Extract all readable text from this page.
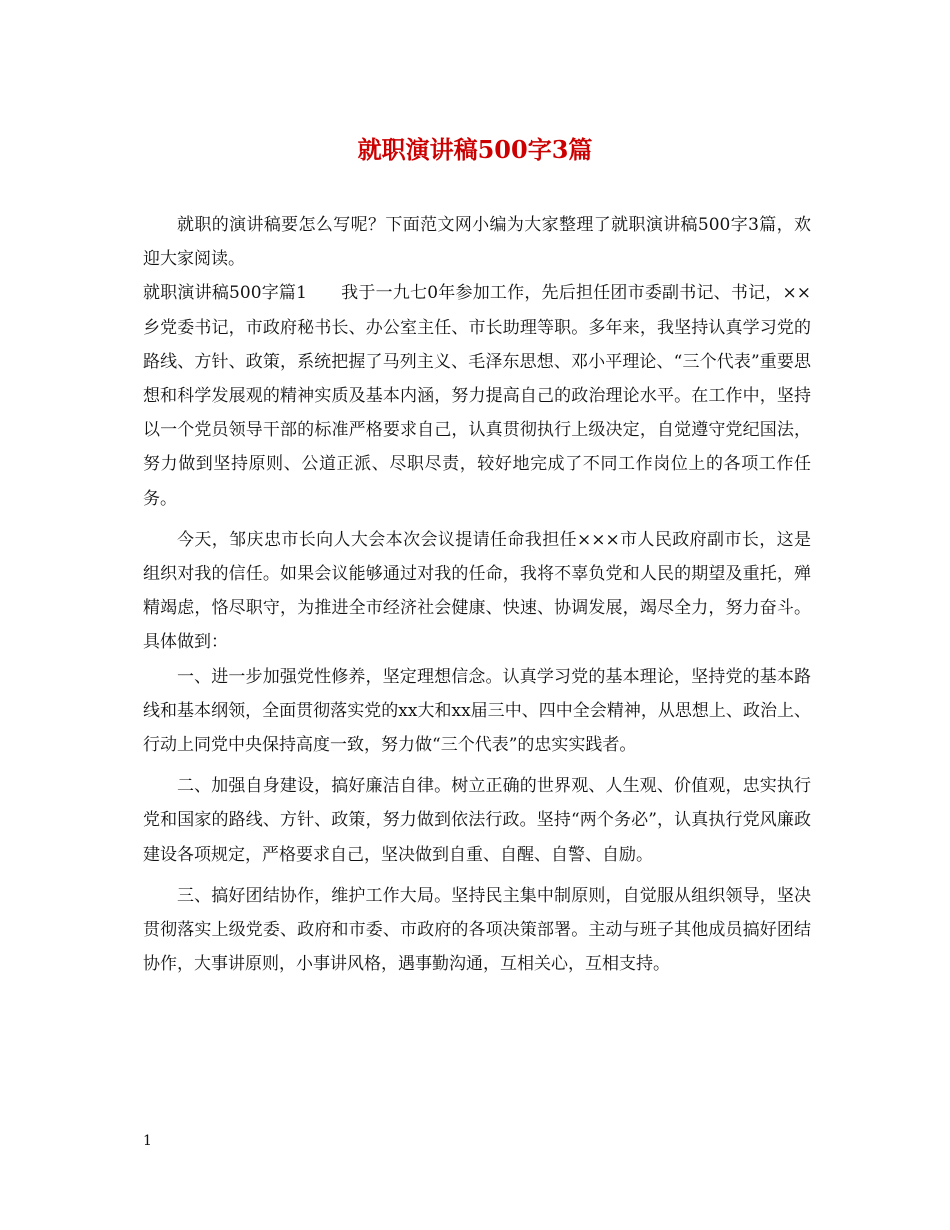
就职演讲稿500字3篇

就职的演讲稿要怎么写呢？下面范文网小编为大家整理了就职演讲稿500字3篇，欢迎大家阅读。

就职演讲稿500字篇1 我于一九七0年参加工作，先后担任团市委副书记、书记，××乡党委书记，市政府秘书长、办公室主任、市长助理等职。多年来，我坚持认真学习党的路线、方针、政策，系统把握了马列主义、毛泽东思想、邓小平理论、“三个代表”重要思想和科学发展观的精神实质及基本内涵，努力提高自己的政治理论水平。在工作中，坚持以一个党员领导干部的标准严格要求自己，认真贯彻执行上级决定，自觉遵守党纪国法，努力做到坚持原则、公道正派、尽职尽责，较好地完成了不同工作岗位上的各项工作任务。

今天，邹庆忠市长向人大会本次会议提请任命我担任×××市人民政府副市长，这是组织对我的信任。如果会议能够通过对我的任命，我将不辜负党和人民的期望及重托，殚精竭虑，恪尽职守，为推进全市经济社会健康、快速、协调发展，竭尽全力，努力奋斗。具体做到：

一、进一步加强党性修养，坚定理想信念。认真学习党的基本理论，坚持党的基本路线和基本纲领，全面贯彻落实党的xx大和xx届三中、四中全会精神，从思想上、政治上、行动上同党中央保持高度一致，努力做“三个代表”的忠实实践者。

二、加强自身建设，搞好廉洁自律。树立正确的世界观、人生观、价值观，忠实执行党和国家的路线、方针、政策，努力做到依法行政。坚持“两个务必”，认真执行党风廉政建设各项规定，严格要求自己，坚决做到自重、自醒、自警、自励。

三、搞好团结协作，维护工作大局。坚持民主集中制原则，自觉服从组织领导，坚决贯彻落实上级党委、政府和市委、市政府的各项决策部署。主动与班子其他成员搞好团结协作，大事讲原则，小事讲风格，遇事勤沟通，互相关心，互相支持。

1
